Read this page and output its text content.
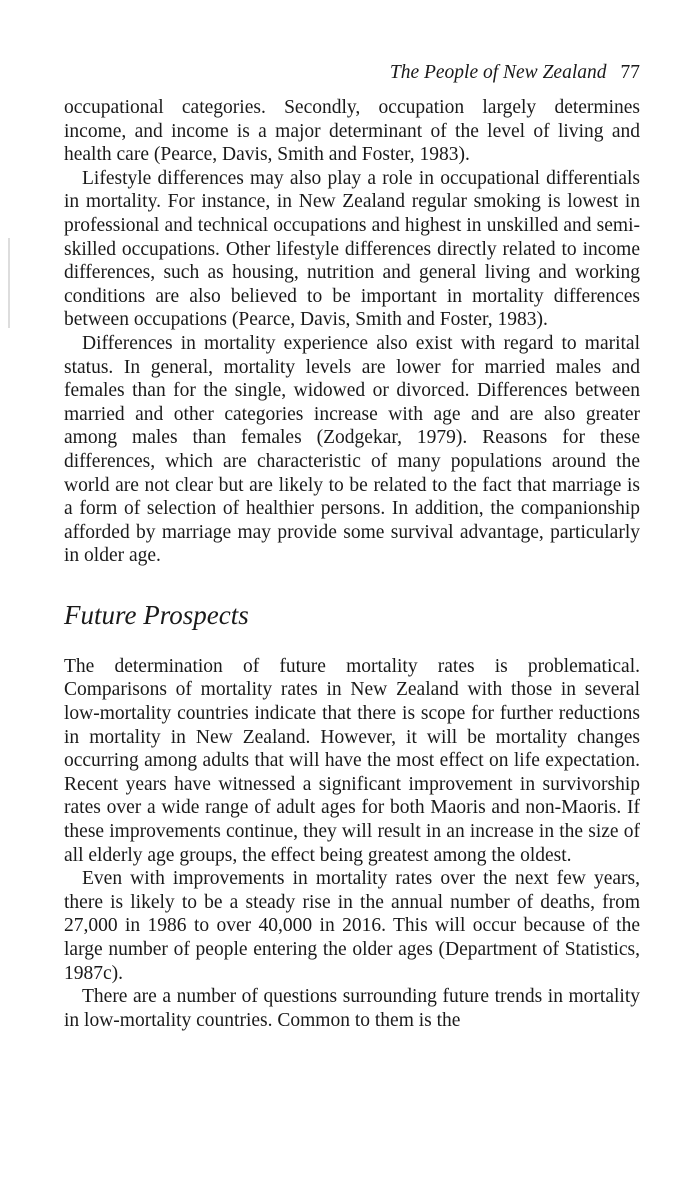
The People of New Zealand 77

occupational categories. Secondly, occupation largely determines income, and income is a major determinant of the level of living and health care (Pearce, Davis, Smith and Foster, 1983).

Lifestyle differences may also play a role in occupational differentials in mortality. For instance, in New Zealand regular smoking is lowest in professional and technical occupations and highest in unskilled and semi-skilled occupations. Other lifestyle differences directly related to income differences, such as housing, nutrition and general living and working conditions are also believed to be important in mortality differences between occupations (Pearce, Davis, Smith and Foster, 1983).

Differences in mortality experience also exist with regard to marital status. In general, mortality levels are lower for married males and females than for the single, widowed or divorced. Differences between married and other categories increase with age and are also greater among males than females (Zodgekar, 1979). Reasons for these differences, which are characteristic of many populations around the world are not clear but are likely to be related to the fact that marriage is a form of selection of healthier persons. In addition, the companionship afforded by marriage may provide some survival advantage, particularly in older age.

Future Prospects

The determination of future mortality rates is problematical. Comparisons of mortality rates in New Zealand with those in several low-mortality countries indicate that there is scope for further reductions in mortality in New Zealand. However, it will be mortality changes occurring among adults that will have the most effect on life expectation. Recent years have witnessed a significant improvement in survivorship rates over a wide range of adult ages for both Maoris and non-Maoris. If these improvements continue, they will result in an increase in the size of all elderly age groups, the effect being greatest among the oldest.

Even with improvements in mortality rates over the next few years, there is likely to be a steady rise in the annual number of deaths, from 27,000 in 1986 to over 40,000 in 2016. This will occur because of the large number of people entering the older ages (Department of Statistics, 1987c).

There are a number of questions surrounding future trends in mortality in low-mortality countries. Common to them is the
